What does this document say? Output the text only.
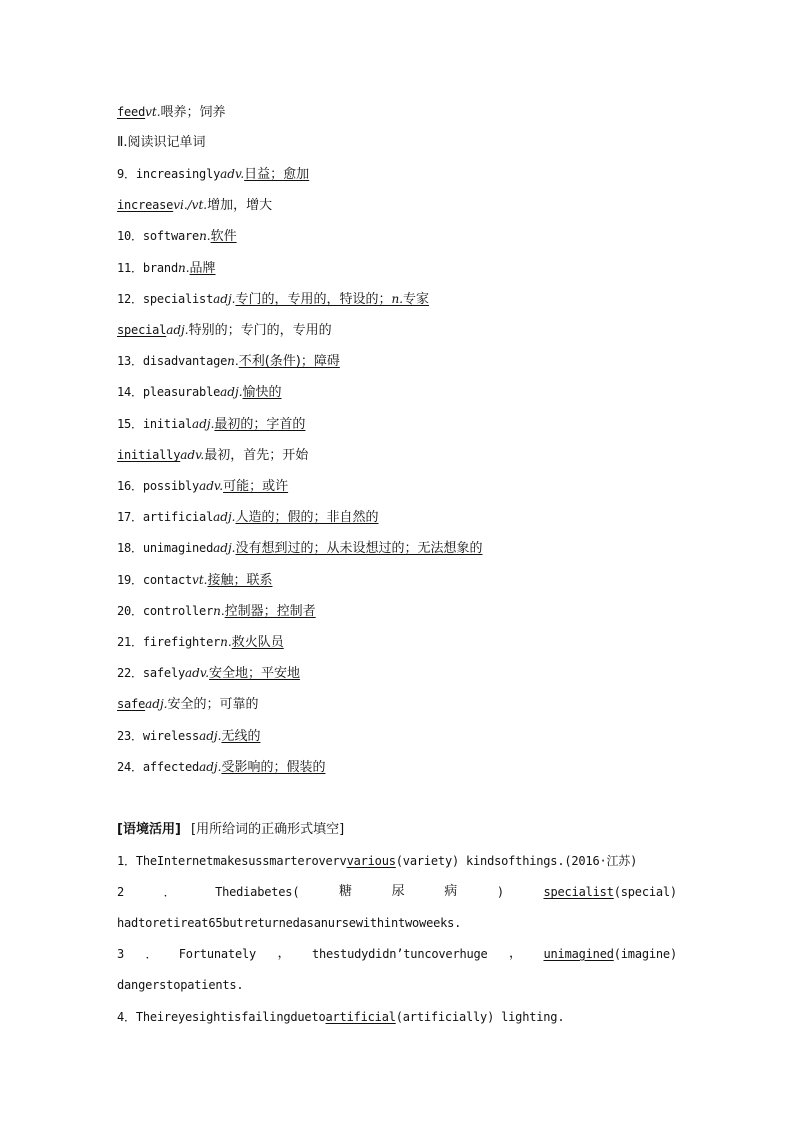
feedvt.喂养；饲养
Ⅱ.阅读识记单词
9．increasinglyadv.日益；愈加
increasevi./vt.增加，增大
10．softwaren.软件
11．brandn.品牌
12．specialistadj.专门的，专用的，特设的；n.专家
specialadj.特别的；专门的，专用的
13．disadvantagen.不利(条件)；障碍
14．pleasurableadj.愉快的
15．initialadj.最初的；字首的
initiallyadv.最初，首先；开始
16．possiblyadv.可能；或许
17．artificialadj.人造的；假的；非自然的
18．unimaginedadj.没有想到过的；从未设想过的；无法想象的
19．contactvt.接触；联系
20．controllern.控制器；控制者
21．firefightern.救火队员
22．safelyadv.安全地；平安地
safeadj.安全的；可靠的
23．wirelessadj.无线的
24．affectedadj.受影响的；假装的
[语境活用] [用所给词的正确形式填空]
1．TheInternetmakesussmarterovervvarious(variety) kindsofthings.(2016·江苏)
2	．	Thediabetes(	糖	尿	病	)	specialist(special)
hadtoretireat65butreturnedasanursewithintwoweeks.
3 ． Fortunately ， thestudydidn’tuncoverhuge ， unimagined(imagine)
dangerstopatients.
4．Theireyesightisfailingduetoartificial(artificially) lighting.
